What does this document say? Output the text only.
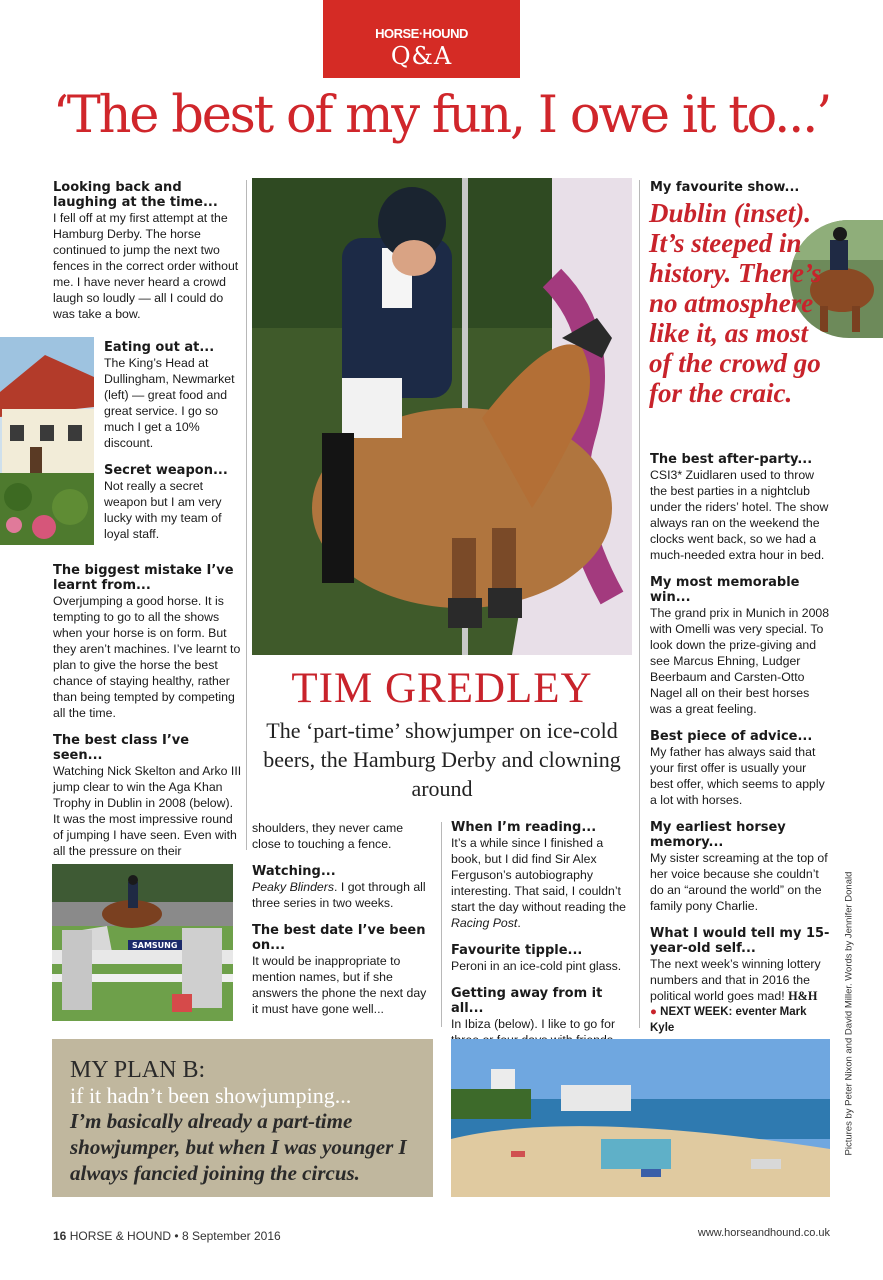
HORSE·HOUND
Q&A
‘The best of my fun, I owe it to...’

Looking back and laughing at the time...

I fell off at my first attempt at the Hamburg Derby. The horse continued to jump the next two fences in the correct order without me. I have never heard a crowd laugh so loudly — all I could do was take a bow.

Eating out at...

The King’s Head at Dullingham, Newmarket (left) — great food and great service. I go so much I get a 10% discount.

Secret weapon...

Not really a secret weapon but I am very lucky with my team of loyal staff.

The biggest mistake I’ve learnt from...

Overjumping a good horse. It is tempting to go to all the shows when your horse is on form. But they aren’t machines. I’ve learnt to plan to give the horse the best chance of staying healthy, rather than being tempted by competing all the time.

The best class I’ve seen...

Watching Nick Skelton and Arko III jump clear to win the Aga Khan Trophy in Dublin in 2008 (below). It was the most impressive round of jumping I have seen. Even with all the pressure on their

SAMSUNG
TIM GREDLEY
The ‘part-time’ showjumper on ice-cold beers, the Hamburg Derby and clowning around

shoulders, they never came close to touching a fence.

Watching...

Peaky Blinders. I got through all three series in two weeks.

The best date I’ve been on...

It would be inappropriate to mention names, but if she answers the phone the next day it must have gone well...

When I’m reading...

It’s a while since I finished a book, but I did find Sir Alex Ferguson’s autobiography interesting. That said, I couldn’t start the day without reading the Racing Post.

Favourite tipple...

Peroni in an ice-cold pint glass.

Getting away from it all...

In Ibiza (below). I like to go for

My favourite show...

Dublin (inset). It’s steeped in history. There’s no atmosphere like it, as most of the crowd go for the craic.

The best after-party...

CSI3* Zuidlaren used to throw the best parties in a nightclub under the riders’ hotel. The show always ran on the weekend the clocks went back, so we had a much-needed extra hour in bed.

My most memorable win...

The grand prix in Munich in 2008 with Omelli was very special. To look down the prize-giving and see Marcus Ehning, Ludger Beerbaum and Carsten-Otto Nagel all on their best horses was a great feeling.

Best piece of advice...

My father has always said that your first offer is usually your best offer, which seems to apply a lot with horses.

My earliest horsey memory...

My sister screaming at the top of her voice because she couldn’t do an “around the world” on the family pony Charlie.

What I would tell my 15-year-old self...

The next week’s winning lottery numbers and that in 2016 the political world goes mad! H&H

● NEXT WEEK: eventer Mark Kyle

MY PLAN B:
if it hadn’t been showjumping...
I’m basically already a part-time showjumper, but when I was younger I always fancied joining the circus.
16 HORSE & HOUND • 8 September 2016	www.horseandhound.co.uk
Pictures by Peter Nixon and David Miller. Words by Jennifer Donald
